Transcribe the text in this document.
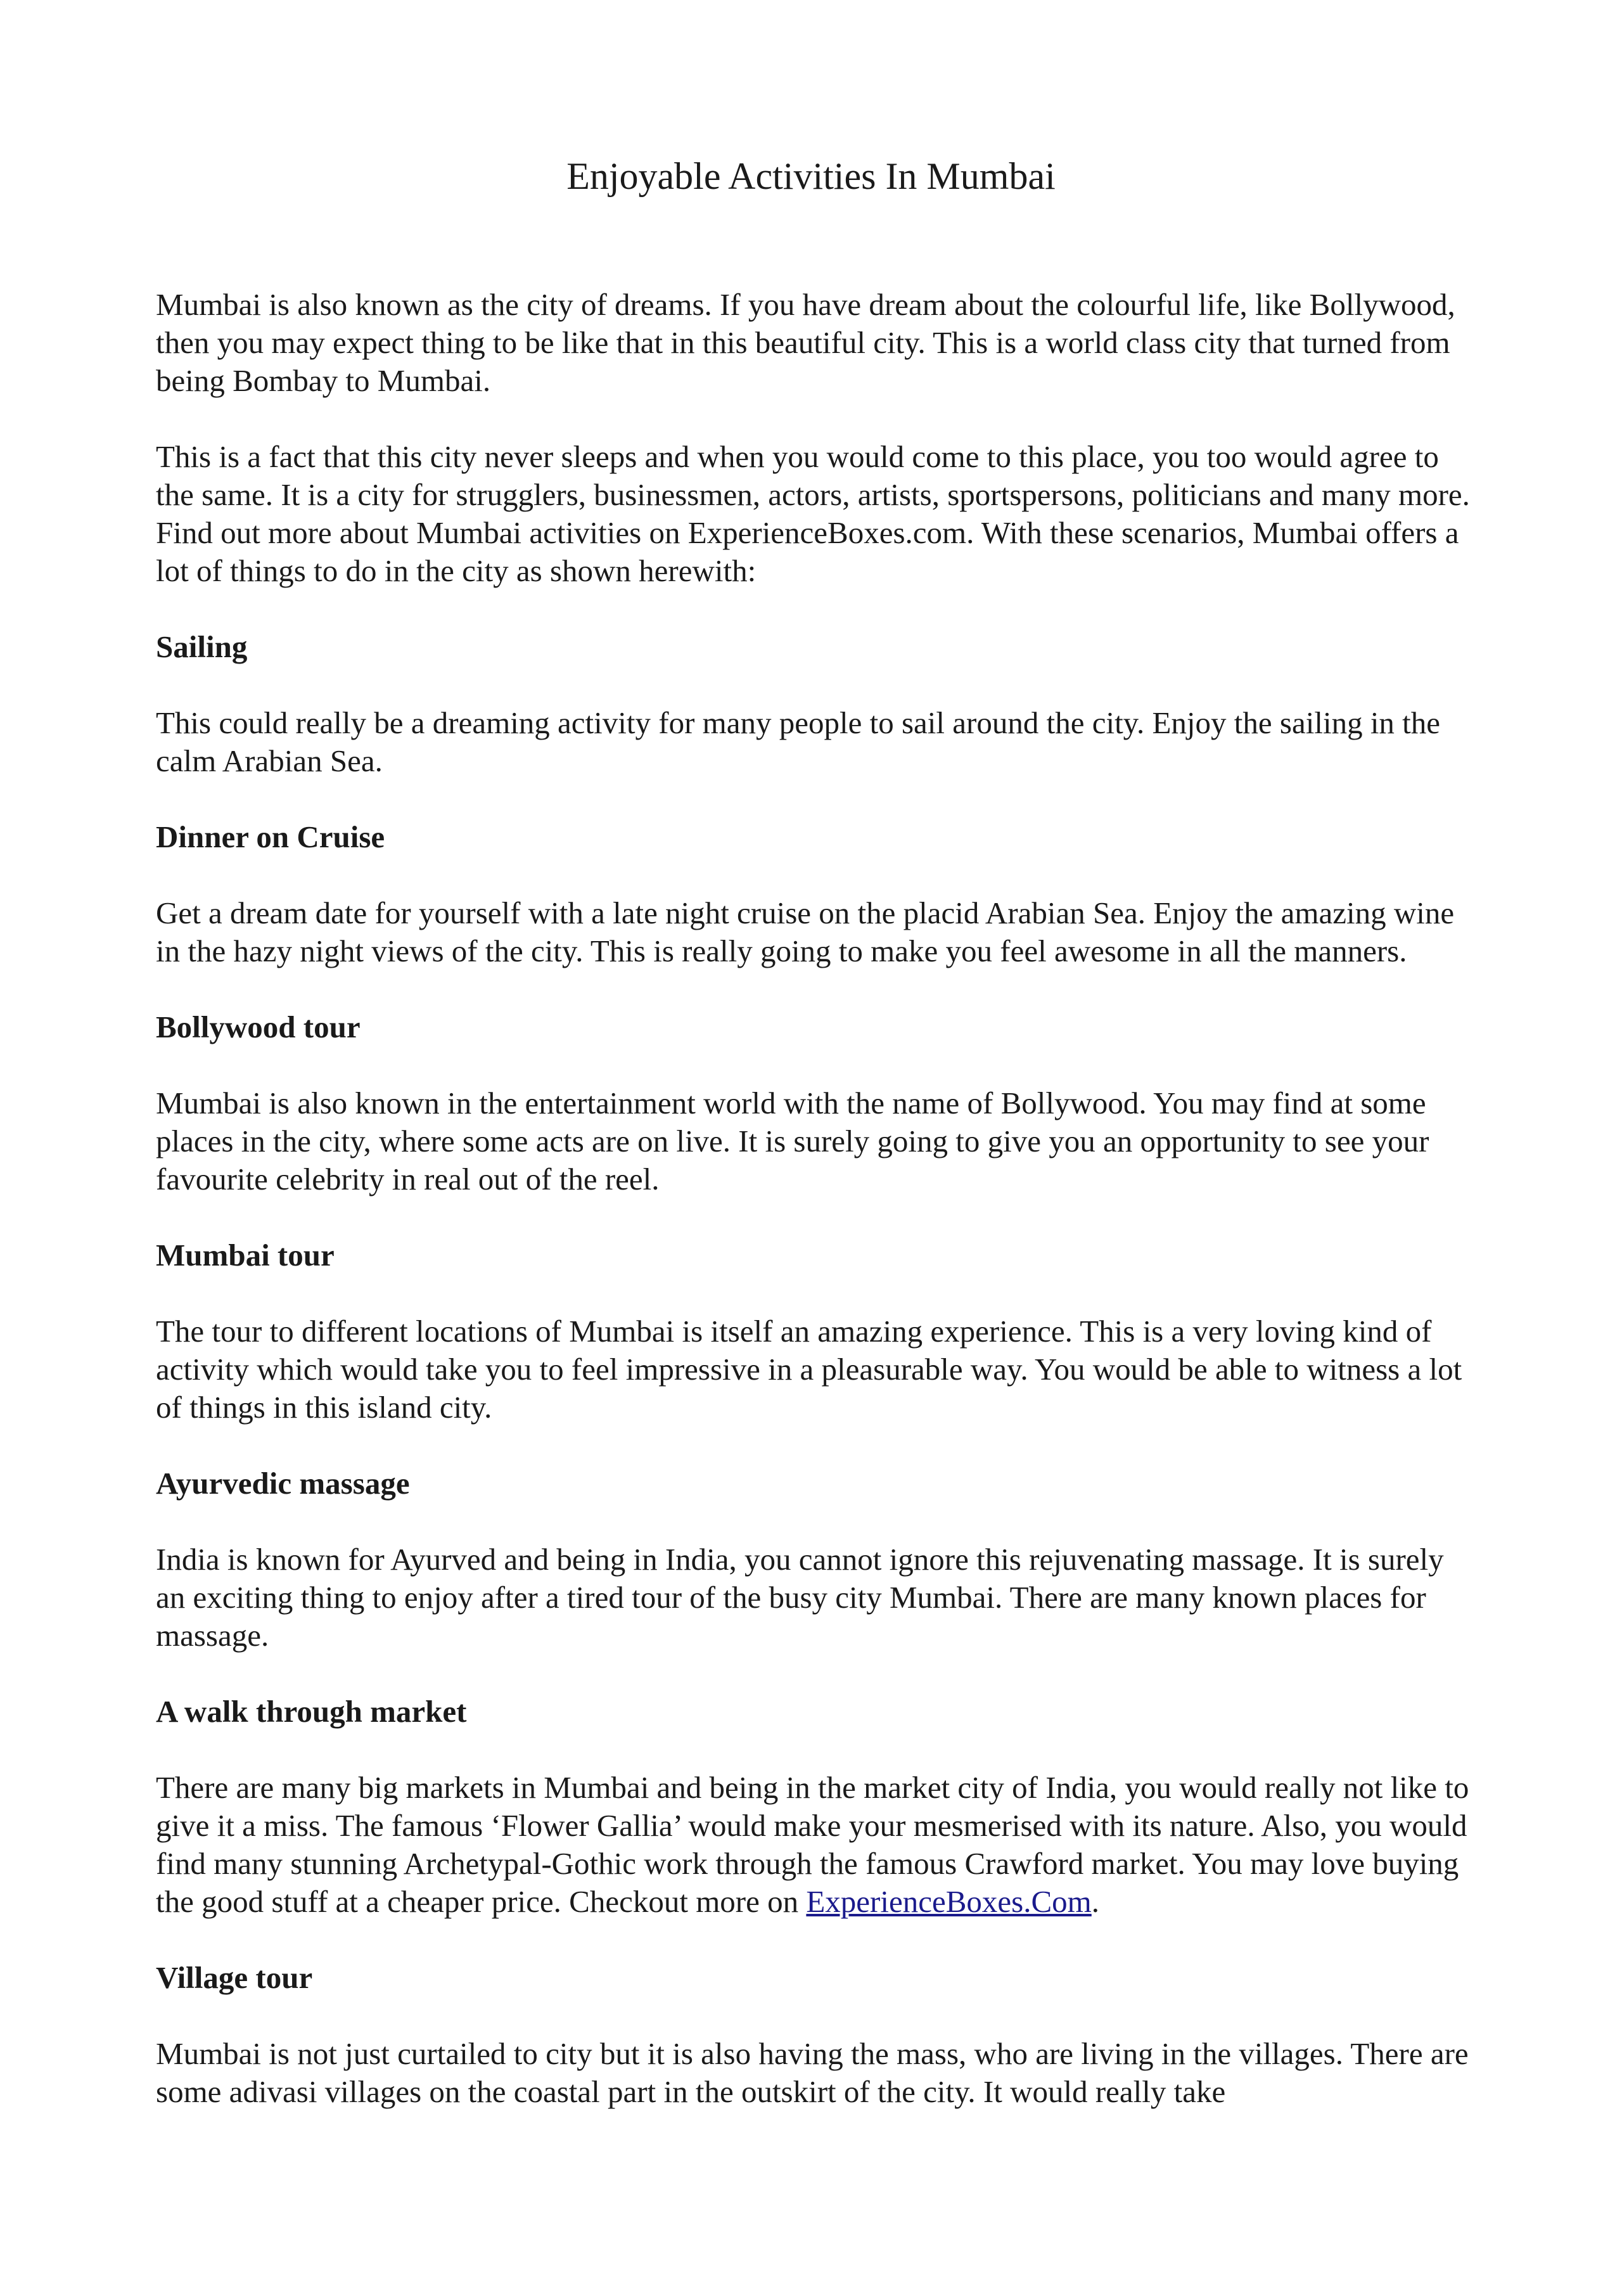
Enjoyable Activities In Mumbai

Mumbai is also known as the city of dreams. If you have dream about the colourful life, like Bollywood, then you may expect thing to be like that in this beautiful city. This is a world class city that turned from being Bombay to Mumbai.

This is a fact that this city never sleeps and when you would come to this place, you too would agree to the same. It is a city for strugglers, businessmen, actors, artists, sportspersons, politicians and many more. Find out more about Mumbai activities on ExperienceBoxes.com. With these scenarios, Mumbai offers a lot of things to do in the city as shown herewith:

Sailing

This could really be a dreaming activity for many people to sail around the city. Enjoy the sailing in the calm Arabian Sea.

Dinner on Cruise

Get a dream date for yourself with a late night cruise on the placid Arabian Sea. Enjoy the amazing wine in the hazy night views of the city. This is really going to make you feel awesome in all the manners.

Bollywood tour

Mumbai is also known in the entertainment world with the name of Bollywood. You may find at some places in the city, where some acts are on live. It is surely going to give you an opportunity to see your favourite celebrity in real out of the reel.

Mumbai tour

The tour to different locations of Mumbai is itself an amazing experience. This is a very loving kind of activity which would take you to feel impressive in a pleasurable way. You would be able to witness a lot of things in this island city.

Ayurvedic massage

India is known for Ayurved and being in India, you cannot ignore this rejuvenating massage. It is surely an exciting thing to enjoy after a tired tour of the busy city Mumbai. There are many known places for massage.

A walk through market

There are many big markets in Mumbai and being in the market city of India, you would really not like to give it a miss. The famous ‘Flower Gallia’ would make your mesmerised with its nature. Also, you would find many stunning Archetypal-Gothic work through the famous Crawford market. You may love buying the good stuff at a cheaper price. Checkout more on ExperienceBoxes.Com.

Village tour

Mumbai is not just curtailed to city but it is also having the mass, who are living in the villages. There are some adivasi villages on the coastal part in the outskirt of the city. It would really take
